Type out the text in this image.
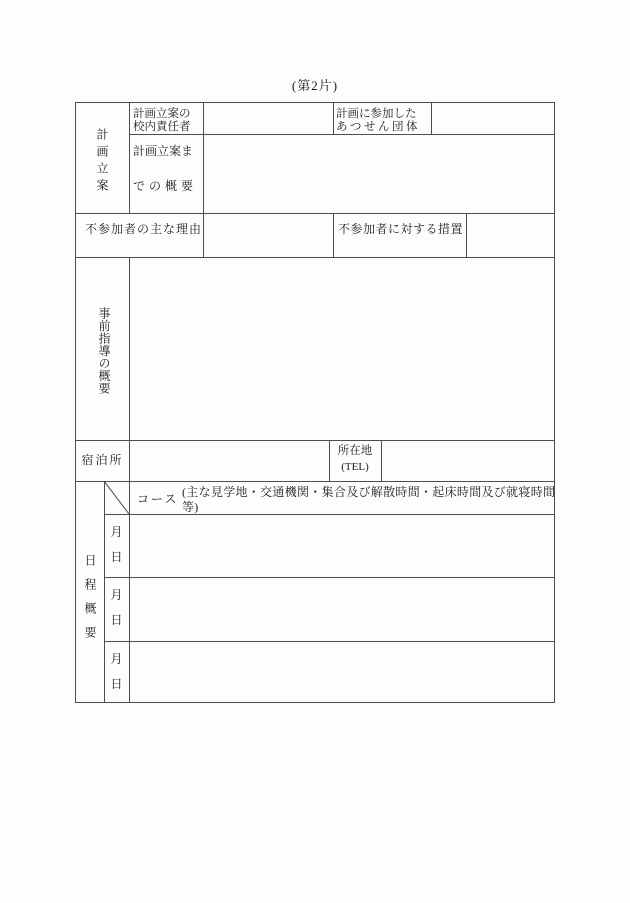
(第2片)
計画立案
計画立案の
校内責任者
計画に参加した
あつせん団体
計画立案ま
での概要
不参加者の主な理由	不参加者に対する措置
事前指導の概要
宿泊所
所在地
(TEL)
日程概要
コース (主な見学地・交通機関・集合及び解散時間・起床時間及び就寝時間
等)
月
日
月
日
月
日
